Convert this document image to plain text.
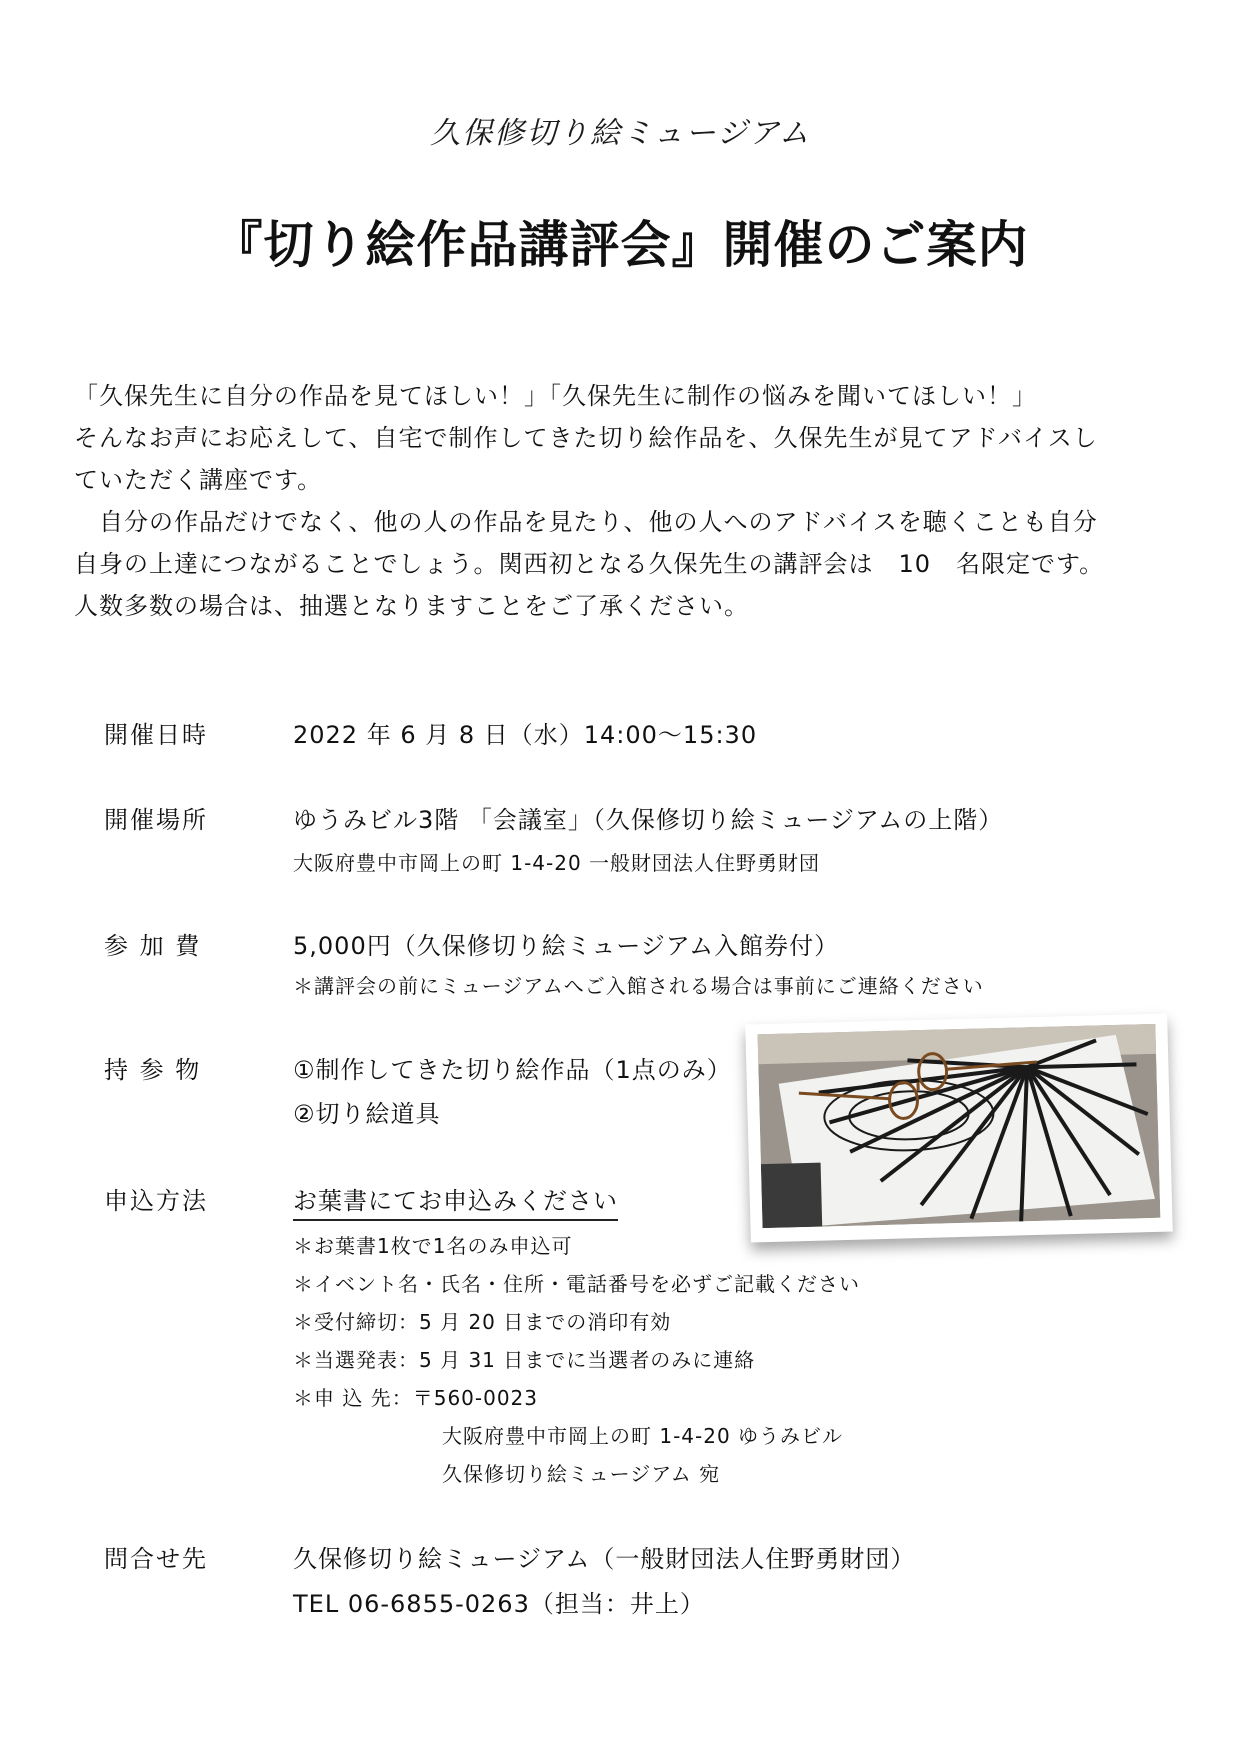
久保修切り絵ミュージアム
『切り絵作品講評会』開催のご案内

「久保先生に自分の作品を見てほしい！」「久保先生に制作の悩みを聞いてほしい！」

そんなお声にお応えして、自宅で制作してきた切り絵作品を、久保先生が見てアドバイスし

ていただく講座です。

　自分の作品だけでなく、他の人の作品を見たり、他の人へのアドバイスを聴くことも自分

自身の上達につながることでしょう。関西初となる久保先生の講評会は　10　名限定です。

人数多数の場合は、抽選となりますことをご了承ください。

開催日時	2022 年 6 月 8 日（水）14:00～15:30
開催場所	ゆうみビル3階 「会議室」（久保修切り絵ミュージアムの上階）
大阪府豊中市岡上の町 1-4-20 一般財団法人住野勇財団
参 加 費	5,000円（久保修切り絵ミュージアム入館券付）
＊講評会の前にミュージアムへご入館される場合は事前にご連絡ください
持 参 物	①制作してきた切り絵作品（1点のみ）
②切り絵道具
申込方法	お葉書にてお申込みください
＊お葉書1枚で1名のみ申込可
＊イベント名・氏名・住所・電話番号を必ずご記載ください
＊受付締切：5 月 20 日までの消印有効
＊当選発表：5 月 31 日までに当選者のみに連絡
＊申 込 先：〒560-0023
大阪府豊中市岡上の町 1-4-20 ゆうみビル
久保修切り絵ミュージアム 宛
問合せ先	久保修切り絵ミュージアム（一般財団法人住野勇財団）
TEL 06-6855-0263（担当：井上）
